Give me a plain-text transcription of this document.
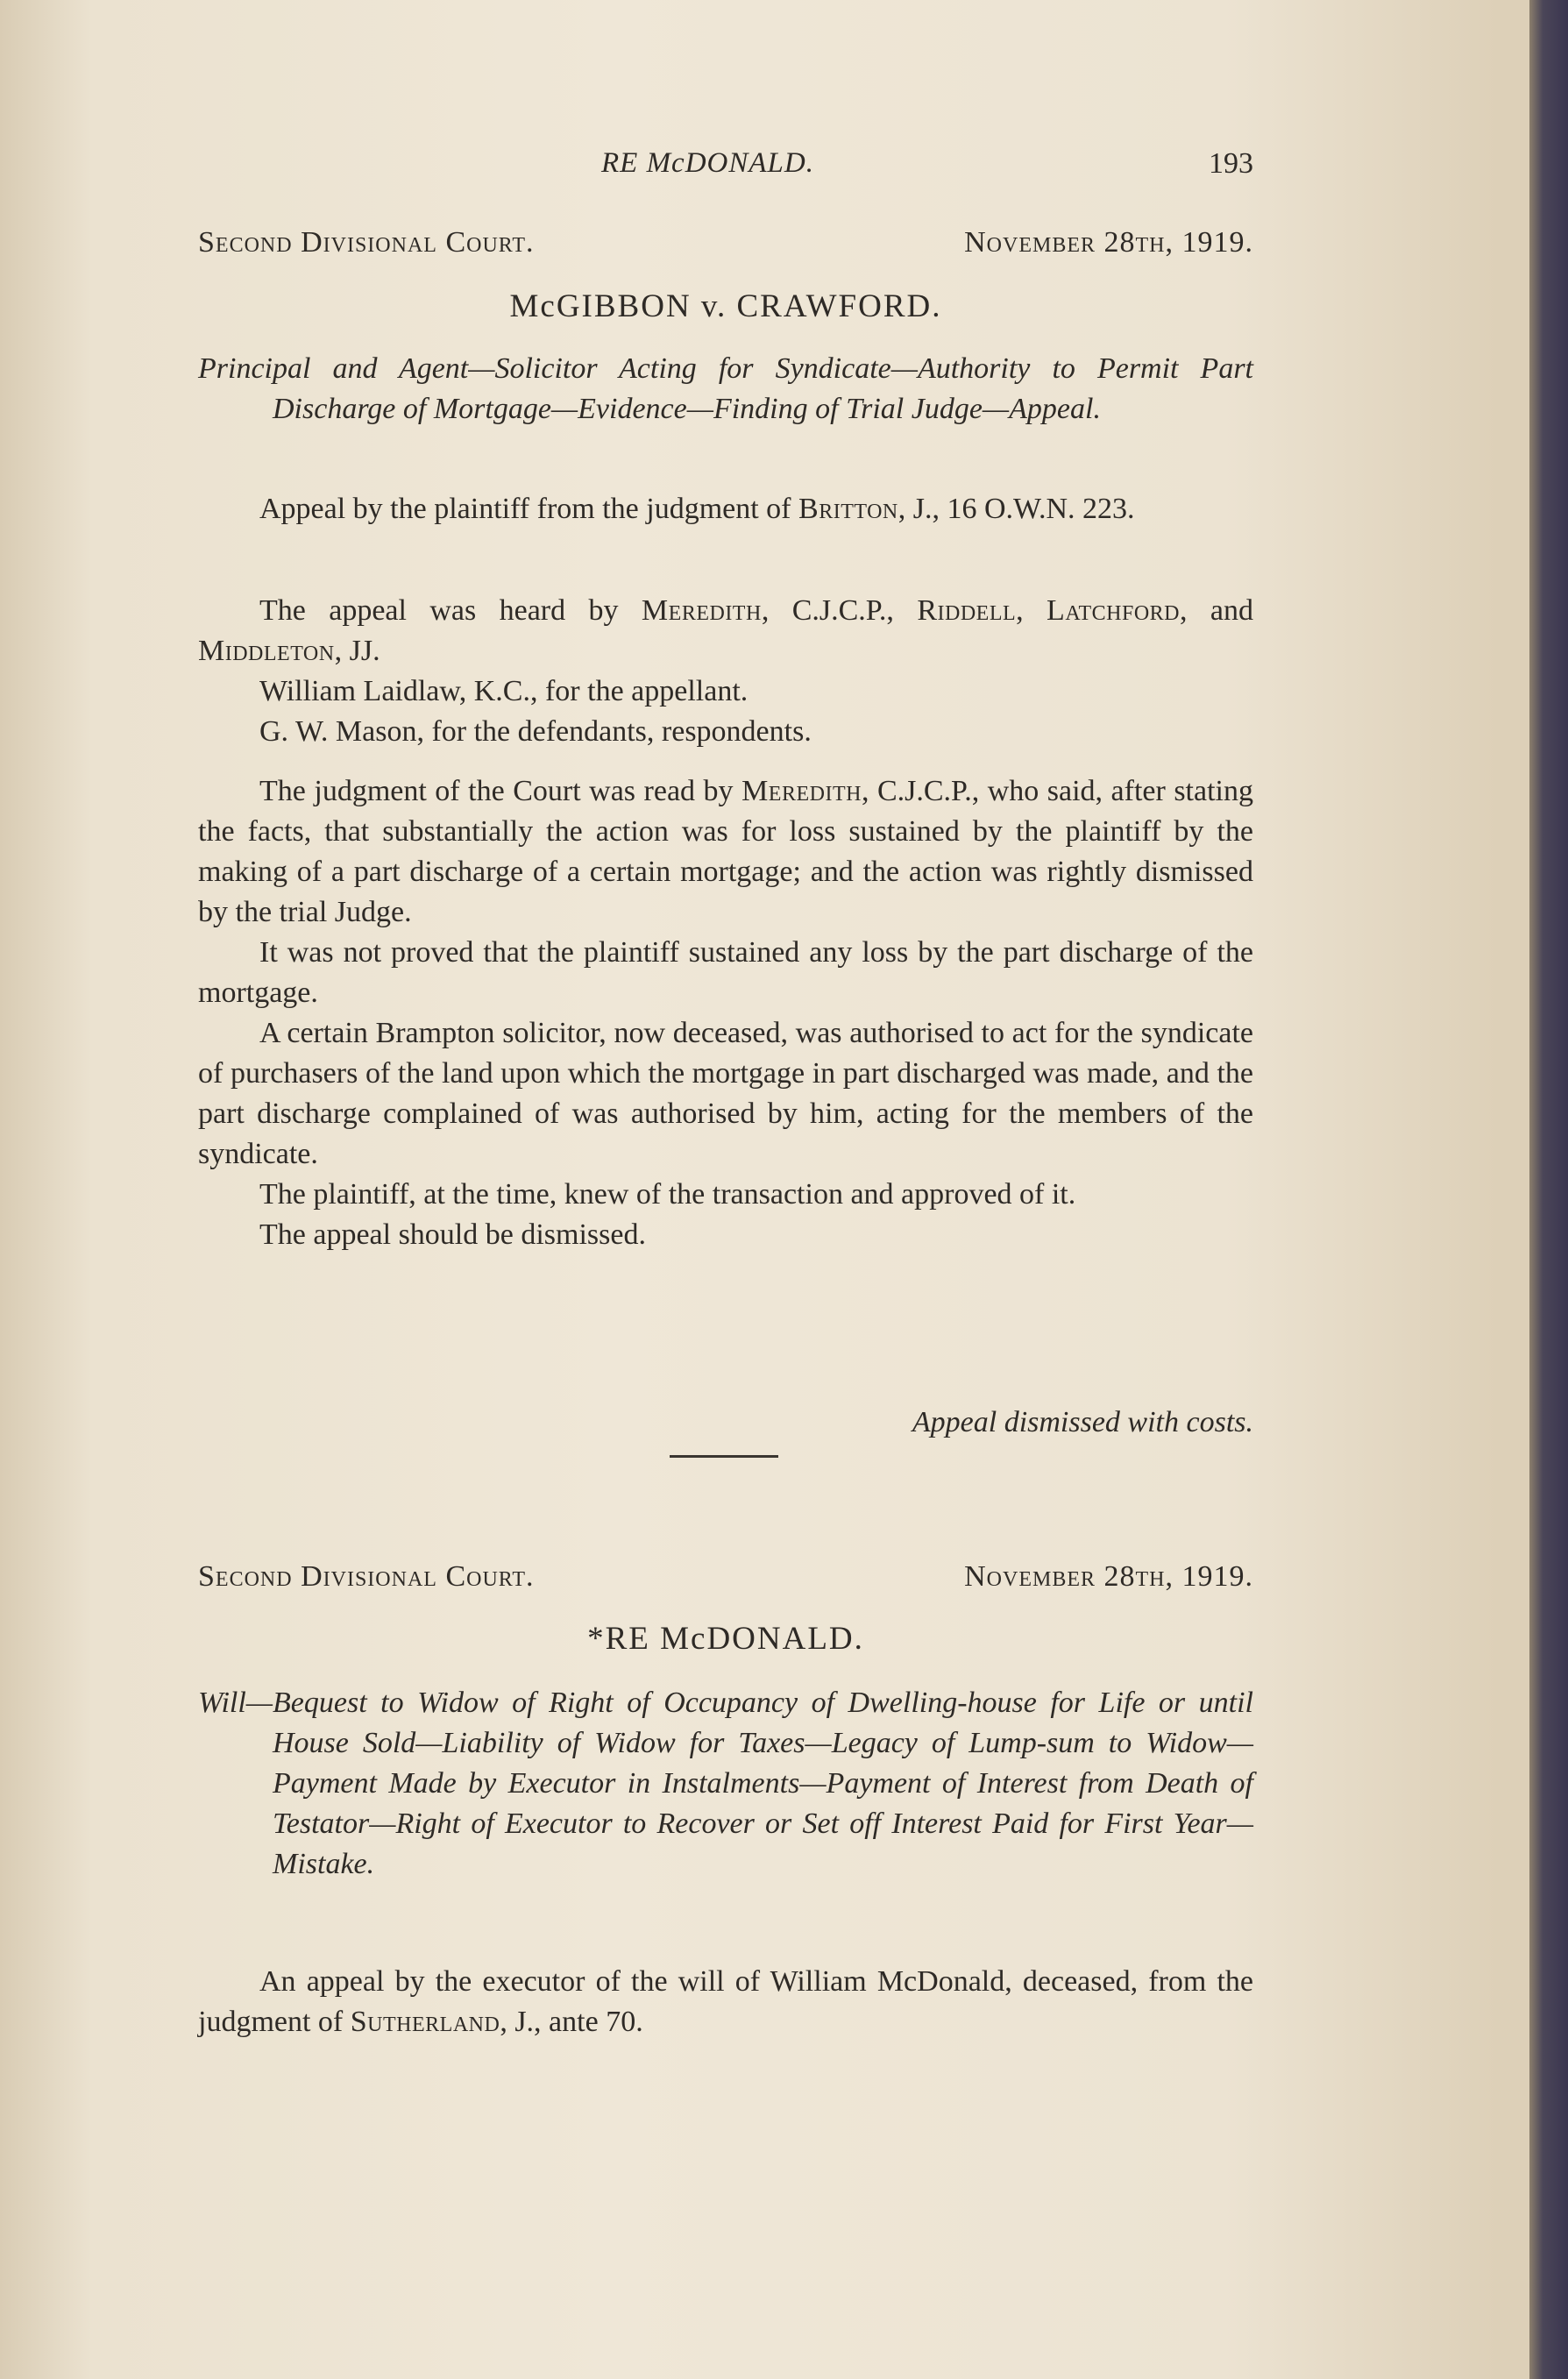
RE McDONALD.	193
Second Divisional Court.	November 28th, 1919.
McGIBBON v. CRAWFORD.
Principal and Agent—Solicitor Acting for Syndicate—Authority to Permit Part Discharge of Mortgage—Evidence—Finding of Trial Judge—Appeal.

Appeal by the plaintiff from the judgment of Britton, J., 16 O.W.N. 223.

The appeal was heard by Meredith, C.J.C.P., Riddell, Latchford, and Middleton, JJ.

William Laidlaw, K.C., for the appellant.

G. W. Mason, for the defendants, respondents.

The judgment of the Court was read by Meredith, C.J.C.P., who said, after stating the facts, that substantially the action was for loss sustained by the plaintiff by the making of a part discharge of a certain mortgage; and the action was rightly dismissed by the trial Judge.

It was not proved that the plaintiff sustained any loss by the part discharge of the mortgage.

A certain Brampton solicitor, now deceased, was authorised to act for the syndicate of purchasers of the land upon which the mortgage in part discharged was made, and the part discharge complained of was authorised by him, acting for the members of the syndicate.

The plaintiff, at the time, knew of the transaction and approved of it.

The appeal should be dismissed.

Appeal dismissed with costs.
Second Divisional Court.	November 28th, 1919.
*RE McDONALD.
Will—Bequest to Widow of Right of Occupancy of Dwelling-house for Life or until House Sold—Liability of Widow for Taxes—Legacy of Lump-sum to Widow—Payment Made by Executor in Instalments—Payment of Interest from Death of Testator—Right of Executor to Recover or Set off Interest Paid for First Year—Mistake.

An appeal by the executor of the will of William McDonald, deceased, from the judgment of Sutherland, J., ante 70.
